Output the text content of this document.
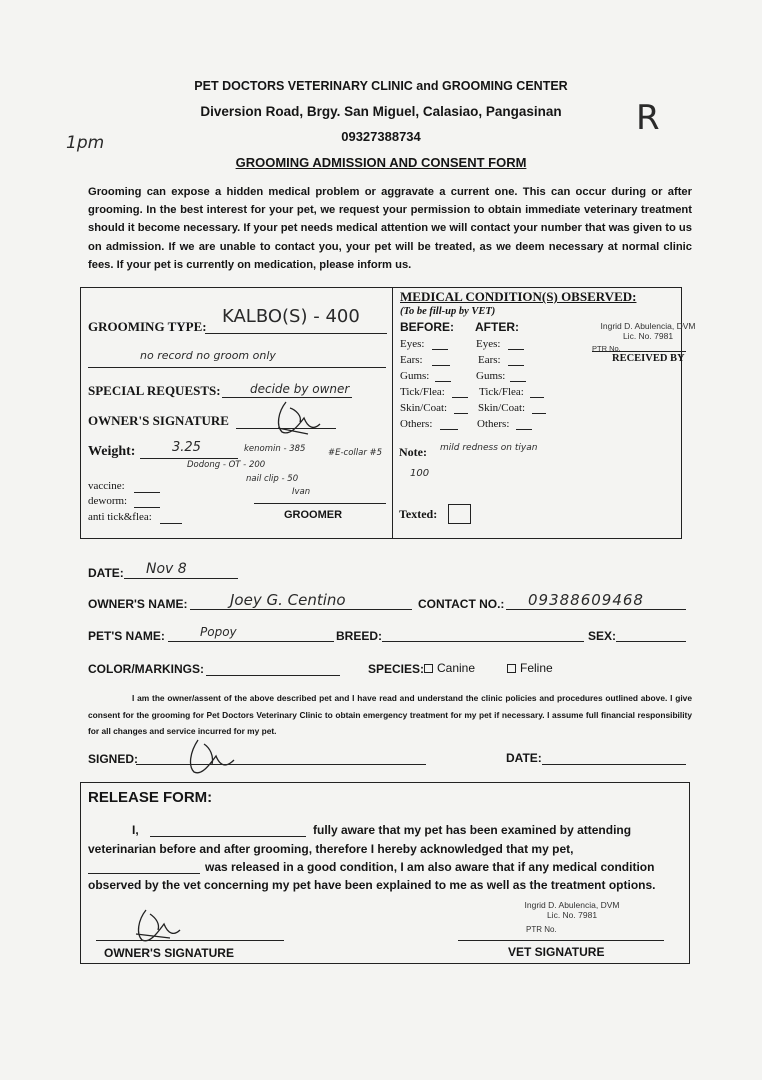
1pm
R
PET DOCTORS VETERINARY CLINIC and GROOMING CENTER
Diversion Road, Brgy. San Miguel, Calasiao, Pangasinan
09327388734
GROOMING ADMISSION AND CONSENT FORM
Grooming can expose a hidden medical problem or aggravate a current one. This can occur during or after grooming. In the best interest for your pet, we request your permission to obtain immediate veterinary treatment should it become necessary. If your pet needs medical attention we will contact your number that was given to us on admission. If we are unable to contact you, your pet will be treated, as we deem necessary at normal clinic fees. If your pet is currently on medication, please inform us.
GROOMING TYPE: KALBO(S) - 400
no record no groom only
SPECIAL REQUESTS: decide by owner
OWNER'S SIGNATURE
Weight:	3.25	kenomin - 385
Dodong - OT - 200
nail clip - 50
#E-collar #5
Ivan
vaccine:
deworm:
anti tick&flea:	GROOMER
MEDICAL CONDITION(S) OBSERVED:
(To be fill-up by VET)
BEFORE: AFTER:
Eyes:	Eyes:
Ears:	Ears:
Gums:	Gums:
Tick/Flea:	Tick/Flea:
Skin/Coat:	Skin/Coat:
Others:	Others:
Note: mild redness on tiyan
100
Texted:
Ingrid D. Abulencia, DVM
Lic. No. 7981
PTR No.
RECEIVED BY
DATE: Nov 8
OWNER'S NAME:	Joey G. Centino	CONTACT NO.: 09388609468
PET'S NAME:	Popoy	BREED:	SEX:
COLOR/MARKINGS:	SPECIES:	Canine	Feline
I am the owner/assent of the above described pet and I have read and understand the clinic policies and procedures outlined above. I give consent for the grooming for Pet Doctors Veterinary Clinic to obtain emergency treatment for my pet if necessary. I assume full financial responsibility for all changes and service incurred for my pet.
SIGNED:	DATE:
RELEASE FORM:
I,	fully aware that my pet has been examined by attending
veterinarian before and after grooming, therefore I hereby acknowledged that my pet,
was released in a good condition, I am also aware that if any medical condition
observed by the vet concerning my pet have been explained to me as well as the treatment options.
OWNER'S SIGNATURE
Ingrid D. Abulencia, DVM
Lic. No. 7981
PTR No.
VET SIGNATURE
